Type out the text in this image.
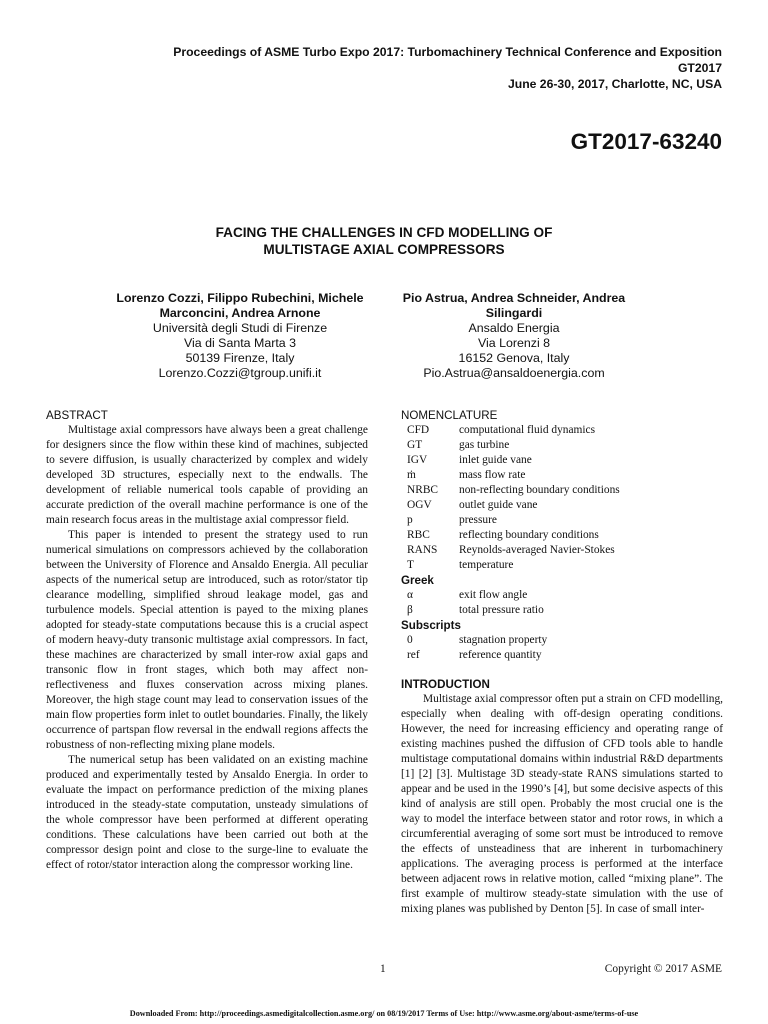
Proceedings of ASME Turbo Expo 2017: Turbomachinery Technical Conference and Exposition
GT2017
June 26-30, 2017, Charlotte, NC, USA
GT2017-63240
FACING THE CHALLENGES IN CFD MODELLING OF
MULTISTAGE AXIAL COMPRESSORS
Lorenzo Cozzi, Filippo Rubechini, Michele
Marconcini, Andrea Arnone
Università degli Studi di Firenze
Via di Santa Marta 3
50139 Firenze, Italy
Lorenzo.Cozzi@tgroup.unifi.it
Pio Astrua, Andrea Schneider, Andrea
Silingardi
Ansaldo Energia
Via Lorenzi 8
16152 Genova, Italy
Pio.Astrua@ansaldoenergia.com
ABSTRACT

Multistage axial compressors have always been a great challenge for designers since the flow within these kind of machines, subjected to severe diffusion, is usually characterized by complex and widely developed 3D structures, especially next to the endwalls. The development of reliable numerical tools capable of providing an accurate prediction of the overall machine performance is one of the main research focus areas in the multistage axial compressor field.

This paper is intended to present the strategy used to run numerical simulations on compressors achieved by the collaboration between the University of Florence and Ansaldo Energia. All peculiar aspects of the numerical setup are introduced, such as rotor/stator tip clearance modelling, simplified shroud leakage model, gas and turbulence models. Special attention is payed to the mixing planes adopted for steady-state computations because this is a crucial aspect of modern heavy-duty transonic multistage axial compressors. In fact, these machines are characterized by small inter-row axial gaps and transonic flow in front stages, which both may affect non-reflectiveness and fluxes conservation across mixing planes. Moreover, the high stage count may lead to conservation issues of the main flow properties form inlet to outlet boundaries. Finally, the likely occurrence of partspan flow reversal in the endwall regions affects the robustness of non-reflecting mixing plane models.

The numerical setup has been validated on an existing machine produced and experimentally tested by Ansaldo Energia. In order to evaluate the impact on performance prediction of the mixing planes introduced in the steady-state computation, unsteady simulations of the whole compressor have been performed at different operating conditions. These calculations have been carried out both at the compressor design point and close to the surge-line to evaluate the effect of rotor/stator interaction along the compressor working line.

NOMENCLATURE
CFD	computational fluid dynamics
GT	gas turbine
IGV	inlet guide vane
ṁ	mass flow rate
NRBC	non-reflecting boundary conditions
OGV	outlet guide vane
p	pressure
RBC	reflecting boundary conditions
RANS	Reynolds-averaged Navier-Stokes
T	temperature
Greek
α	exit flow angle
β	total pressure ratio
Subscripts
0	stagnation property
ref	reference quantity
INTRODUCTION

Multistage axial compressor often put a strain on CFD modelling, especially when dealing with off-design operating conditions. However, the need for increasing efficiency and operating range of existing machines pushed the diffusion of CFD tools able to handle multistage computational domains within industrial R&D departments [1] [2] [3]. Multistage 3D steady-state RANS simulations started to appear and be used in the 1990’s [4], but some decisive aspects of this kind of analysis are still open. Probably the most crucial one is the way to model the interface between stator and rotor rows, in which a circumferential averaging of some sort must be introduced to remove the effects of unsteadiness that are inherent in turbomachinery applications. The averaging process is performed at the interface between adjacent rows in relative motion, called “mixing plane”. The first example of multirow steady-state simulation with the use of mixing planes was published by Denton [5]. In case of small inter-

1	Copyright © 2017 ASME
Downloaded From: http://proceedings.asmedigitalcollection.asme.org/ on 08/19/2017 Terms of Use: http://www.asme.org/about-asme/terms-of-use
